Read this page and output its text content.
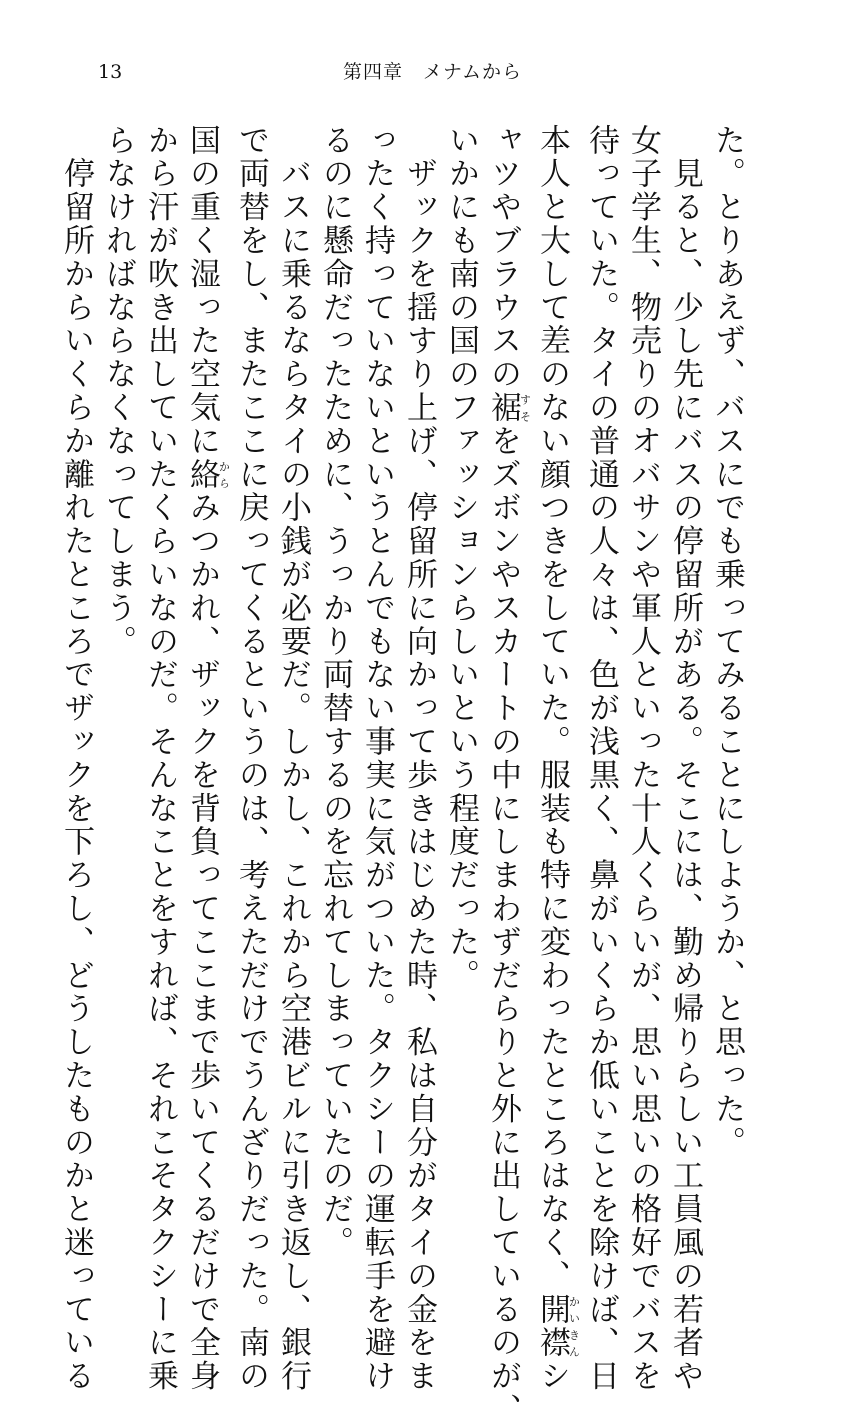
13	第四章　メナムから

た。とりあえず、バスにでも乗ってみることにしようか、と思った。

　見ると、少し先にバスの停留所がある。そこには、勤め帰りらしい工員風の若者や

女子学生、物売りのオバサンや軍人といった十人くらいが、思い思いの格好でバスを

待っていた。タイの普通の人々は、色が浅黒く、鼻がいくらか低いことを除けば、日

本人と大して差のない顔つきをしていた。服装も特に変わったところはなく、開襟かいきんシ

ャツやブラウスの裾すそをズボンやスカートの中にしまわずだらりと外に出しているのが、

いかにも南の国のファッションらしいという程度だった。

　ザックを揺すり上げ、停留所に向かって歩きはじめた時、私は自分がタイの金をま

ったく持っていないというとんでもない事実に気がついた。タクシーの運転手を避け

るのに懸命だったために、うっかり両替するのを忘れてしまっていたのだ。

　バスに乗るならタイの小銭が必要だ。しかし、これから空港ビルに引き返し、銀行

で両替をし、またここに戻ってくるというのは、考えただけでうんざりだった。南の

国の重く湿った空気に絡からみつかれ、ザックを背負ってここまで歩いてくるだけで全身

から汗が吹き出していたくらいなのだ。そんなことをすれば、それこそタクシーに乗

らなければならなくなってしまう。

　停留所からいくらか離れたところでザックを下ろし、どうしたものかと迷っている
